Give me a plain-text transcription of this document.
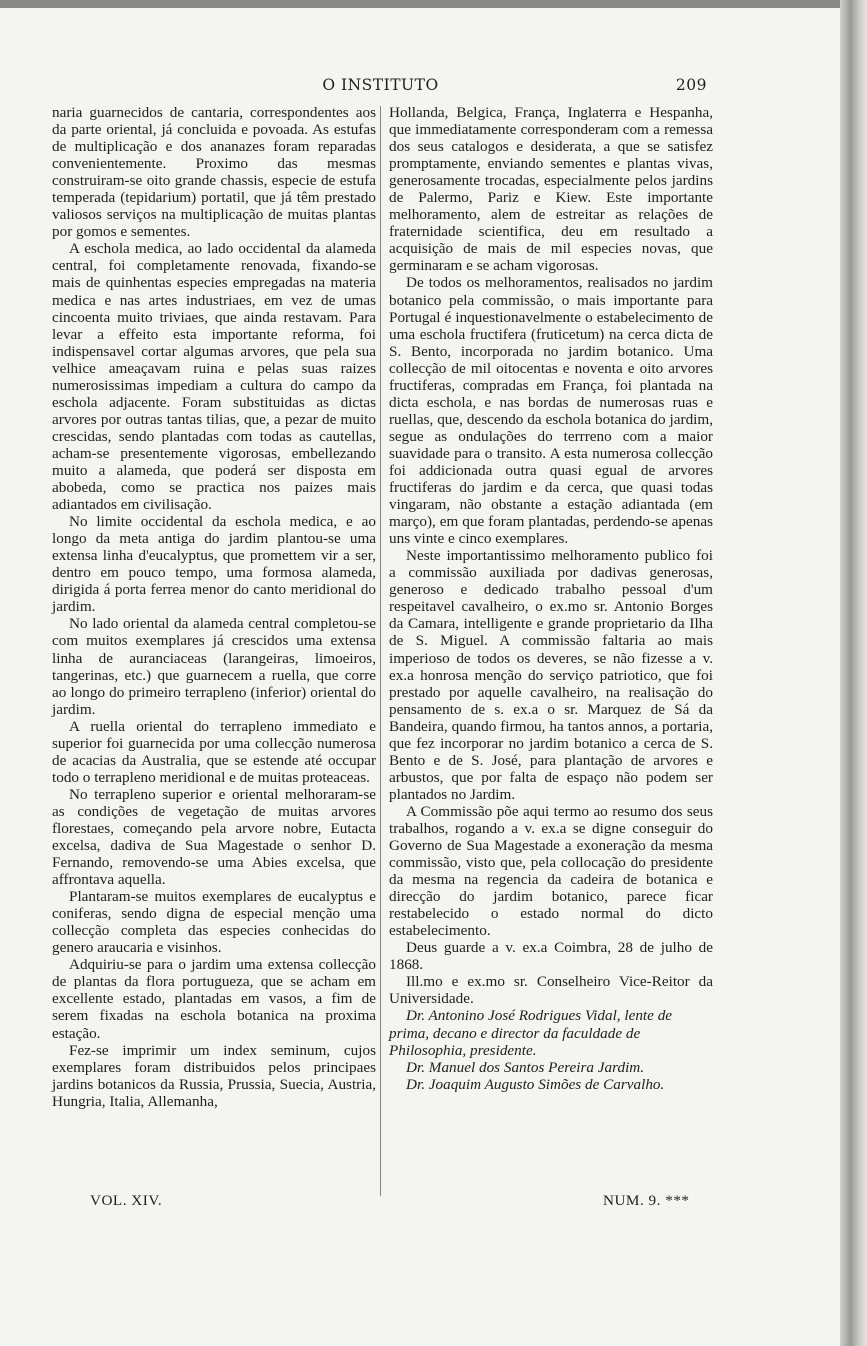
O INSTITUTO	209

naria guarnecidos de cantaria, correspondentes aos da parte oriental, já concluida e povoada. As estufas de multiplicação e dos ananazes foram reparadas convenientemente. Proximo das mesmas construiram-se oito grande chassis, especie de estufa temperada (tepidarium) portatil, que já têm prestado valiosos serviços na multiplicação de muitas plantas por gomos e sementes.

A eschola medica, ao lado occidental da alameda central, foi completamente renovada, fixando-se mais de quinhentas especies empregadas na materia medica e nas artes industriaes, em vez de umas cincoenta muito triviaes, que ainda restavam. Para levar a effeito esta importante reforma, foi indispensavel cortar algumas arvores, que pela sua velhice ameaçavam ruina e pelas suas raizes numerosissimas impediam a cultura do campo da eschola adjacente. Foram substituidas as dictas arvores por outras tantas tilias, que, a pezar de muito crescidas, sendo plantadas com todas as cautellas, acham-se presentemente vigorosas, embellezando muito a alameda, que poderá ser disposta em abobeda, como se practica nos paizes mais adiantados em civilisação.

No limite occidental da eschola medica, e ao longo da meta antiga do jardim plantou-se uma extensa linha d'eucalyptus, que promettem vir a ser, dentro em pouco tempo, uma formosa alameda, dirigida á porta ferrea menor do canto meridional do jardim.

No lado oriental da alameda central completou-se com muitos exemplares já crescidos uma extensa linha de auranciaceas (larangeiras, limoeiros, tangerinas, etc.) que guarnecem a ruella, que corre ao longo do primeiro terrapleno (inferior) oriental do jardim.

A ruella oriental do terrapleno immediato e superior foi guarnecida por uma collecção numerosa de acacias da Australia, que se estende até occupar todo o terrapleno meridional e de muitas proteaceas.

No terrapleno superior e oriental melhoraram-se as condições de vegetação de muitas arvores florestaes, começando pela arvore nobre, Eutacta excelsa, dadiva de Sua Magestade o senhor D. Fernando, removendo-se uma Abies excelsa, que affrontava aquella.

Plantaram-se muitos exemplares de eucalyptus e coniferas, sendo digna de especial menção uma collecção completa das especies conhecidas do genero araucaria e visinhos.

Adquiriu-se para o jardim uma extensa collecção de plantas da flora portugueza, que se acham em excellente estado, plantadas em vasos, a fim de serem fixadas na eschola botanica na proxima estação.

Fez-se imprimir um index seminum, cujos exemplares foram distribuidos pelos principaes jardins botanicos da Russia, Prussia, Suecia, Austria, Hungria, Italia, Allemanha,

Hollanda, Belgica, França, Inglaterra e Hespanha, que immediatamente corresponderam com a remessa dos seus catalogos e desiderata, a que se satisfez promptamente, enviando sementes e plantas vivas, generosamente trocadas, especialmente pelos jardins de Palermo, Pariz e Kiew. Este importante melhoramento, alem de estreitar as relações de fraternidade scientifica, deu em resultado a acquisição de mais de mil especies novas, que germinaram e se acham vigorosas.

De todos os melhoramentos, realisados no jardim botanico pela commissão, o mais importante para Portugal é inquestionavelmente o estabelecimento de uma eschola fructifera (fruticetum) na cerca dicta de S. Bento, incorporada no jardim botanico. Uma collecção de mil oitocentas e noventa e oito arvores fructiferas, compradas em França, foi plantada na dicta eschola, e nas bordas de numerosas ruas e ruellas, que, descendo da eschola botanica do jardim, segue as ondulações do terrreno com a maior suavidade para o transito. A esta numerosa collecção foi addicionada outra quasi egual de arvores fructiferas do jardim e da cerca, que quasi todas vingaram, não obstante a estação adiantada (em março), em que foram plantadas, perdendo-se apenas uns vinte e cinco exemplares.

Neste importantissimo melhoramento publico foi a commissão auxiliada por dadivas generosas, generoso e dedicado trabalho pessoal d'um respeitavel cavalheiro, o ex.mo sr. Antonio Borges da Camara, intelligente e grande proprietario da Ilha de S. Miguel. A commissão faltaria ao mais imperioso de todos os deveres, se não fizesse a v. ex.a honrosa menção do serviço patriotico, que foi prestado por aquelle cavalheiro, na realisação do pensamento de s. ex.a o sr. Marquez de Sá da Bandeira, quando firmou, ha tantos annos, a portaria, que fez incorporar no jardim botanico a cerca de S. Bento e de S. José, para plantação de arvores e arbustos, que por falta de espaço não podem ser plantados no Jardim.

A Commissão põe aqui termo ao resumo dos seus trabalhos, rogando a v. ex.a se digne conseguir do Governo de Sua Magestade a exoneração da mesma commissão, visto que, pela collocação do presidente da mesma na regencia da cadeira de botanica e direcção do jardim botanico, parece ficar restabelecido o estado normal do dicto estabelecimento.

Deus guarde a v. ex.a Coimbra, 28 de julho de 1868.

Ill.mo e ex.mo sr. Conselheiro Vice-Reitor da Universidade.

Dr. Antonino José Rodrigues Vidal, lente de prima, decano e director da faculdade de Philosophia, presidente.

Dr. Manuel dos Santos Pereira Jardim.

Dr. Joaquim Augusto Simões de Carvalho.

VOL. XIV.	NUM. 9. ***
